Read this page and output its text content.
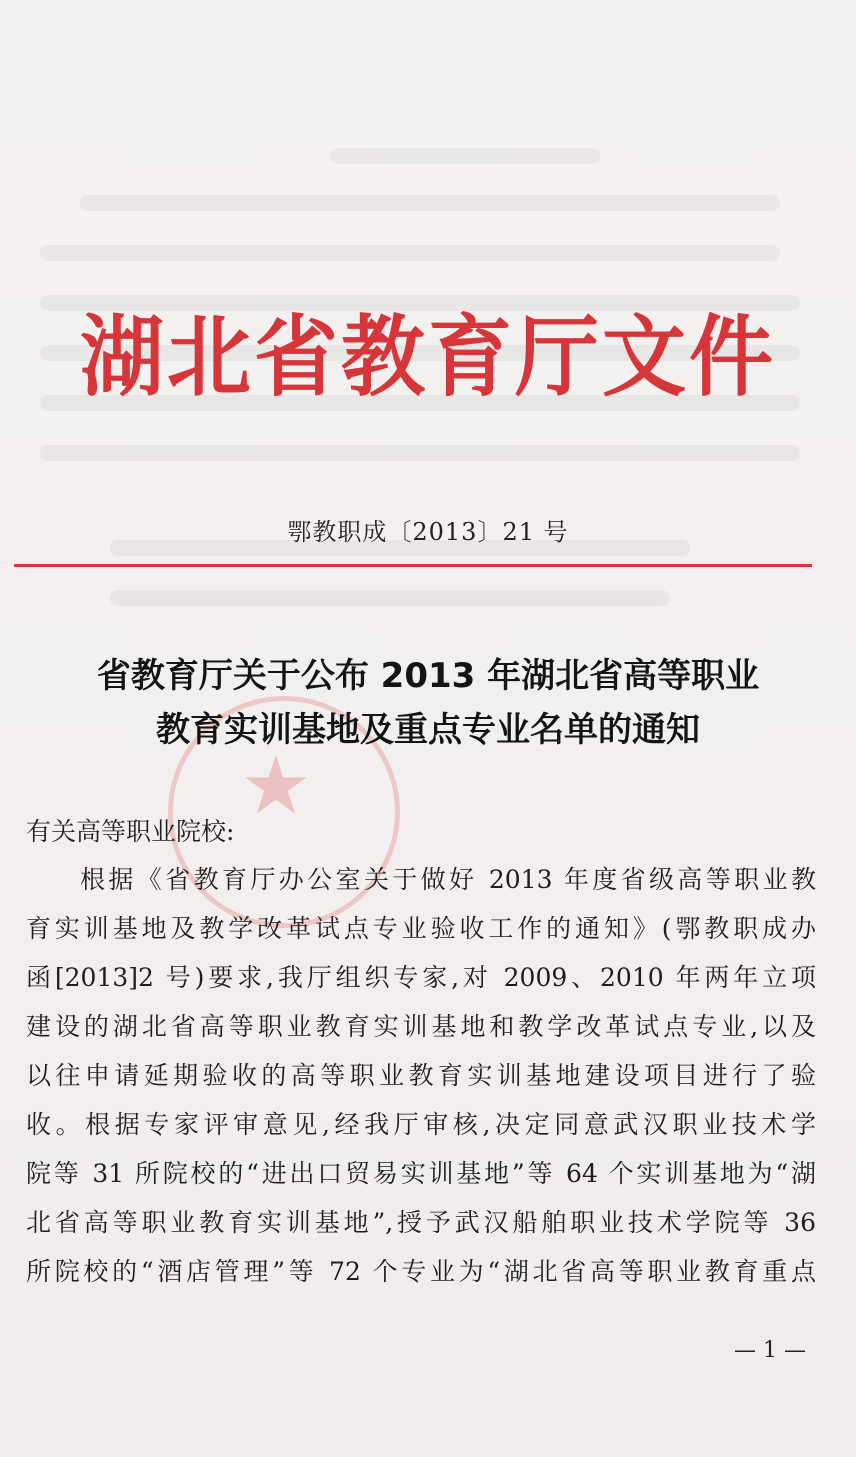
湖北省教育厅文件
鄂教职成〔2013〕21 号
★
省教育厅关于公布 2013 年湖北省高等职业
教育实训基地及重点专业名单的通知
有关高等职业院校:
根据《省教育厅办公室关于做好 2013 年度省级高等职业教
育实训基地及教学改革试点专业验收工作的通知》(鄂教职成办
函[2013]2 号)要求,我厅组织专家,对 2009、2010 年两年立项
建设的湖北省高等职业教育实训基地和教学改革试点专业,以及
以往申请延期验收的高等职业教育实训基地建设项目进行了验
收。根据专家评审意见,经我厅审核,决定同意武汉职业技术学
院等 31 所院校的“进出口贸易实训基地”等 64 个实训基地为“湖
北省高等职业教育实训基地”,授予武汉船舶职业技术学院等 36
所院校的“酒店管理”等 72 个专业为“湖北省高等职业教育重点
— 1 —
